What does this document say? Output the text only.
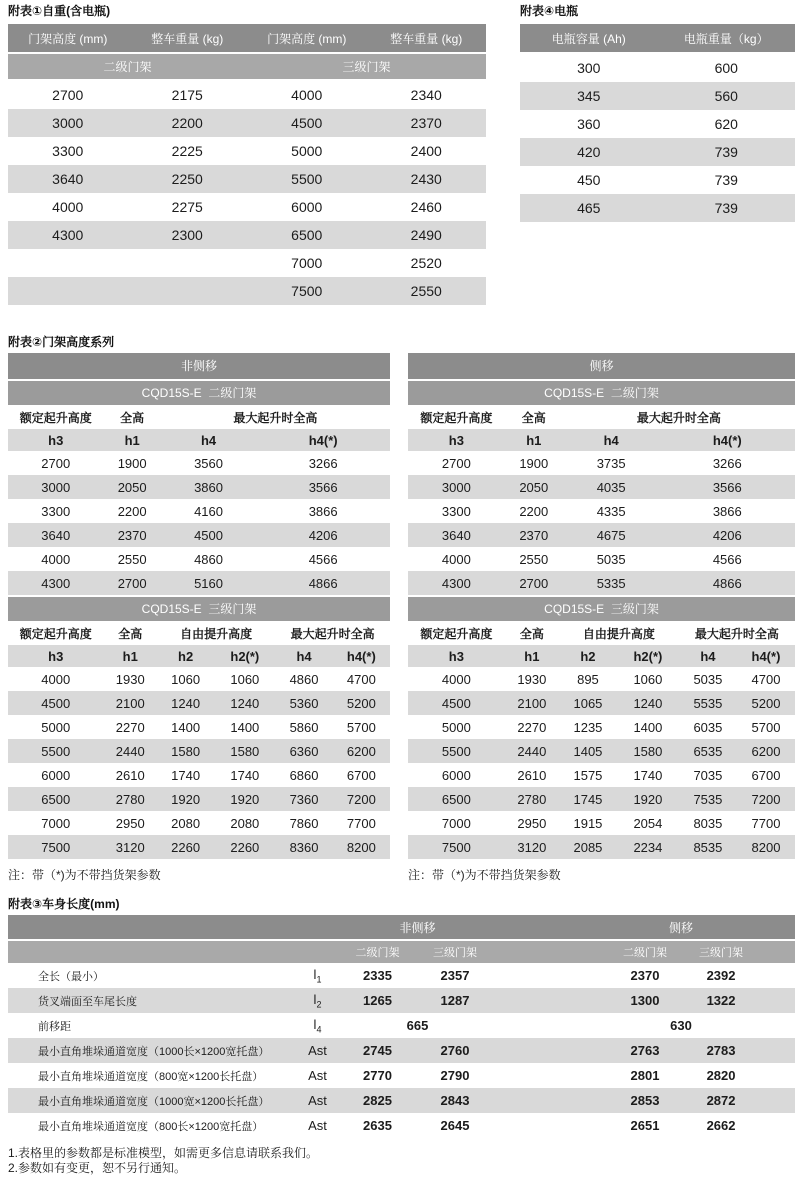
附表①自重(含电瓶)
门架高度 (mm)	整车重量 (kg)	门架高度 (mm)	整车重量 (kg)
二级门架		三级门架	
2700	2175	4000	2340
3000	2200	4500	2370
3300	2225	5000	2400
3640	2250	5500	2430
4000	2275	6000	2460
4300	2300	6500	2490
		7000	2520
		7500	2550
附表④电瓶
电瓶容量 (Ah)	电瓶重量（kg）
300	600
345	560
360	620
420	739
450	739
465	739
附表②门架高度系列
非侧移
CQD15S-E  二级门架
额定起升高度	全高	最大起升时全高	
h3	h1	h4	h4(*)
2700	1900	3560	3266
3000	2050	3860	3566
3300	2200	4160	3866
3640	2370	4500	4206
4000	2550	4860	4566
4300	2700	5160	4866
CQD15S-E  三级门架
额定起升高度	全高	自由提升高度		最大起升时全高	
h3	h1	h2	h2(*)	h4	h4(*)
4000	1930	1060	1060	4860	4700
4500	2100	1240	1240	5360	5200
5000	2270	1400	1400	5860	5700
5500	2440	1580	1580	6360	6200
6000	2610	1740	1740	6860	6700
6500	2780	1920	1920	7360	7200
7000	2950	2080	2080	7860	7700
7500	3120	2260	2260	8360	8200
注：带（*)为不带挡货架参数
侧移
CQD15S-E  二级门架
额定起升高度	全高	最大起升时全高	
h3	h1	h4	h4(*)
2700	1900	3735	3266
3000	2050	4035	3566
3300	2200	4335	3866
3640	2370	4675	4206
4000	2550	5035	4566
4300	2700	5335	4866
CQD15S-E  三级门架
额定起升高度	全高	自由提升高度		最大起升时全高	
h3	h1	h2	h2(*)	h4	h4(*)
4000	1930	895	1060	5035	4700
4500	2100	1065	1240	5535	5200
5000	2270	1235	1400	6035	5700
5500	2440	1405	1580	6535	6200
6000	2610	1575	1740	7035	6700
6500	2780	1745	1920	7535	7200
7000	2950	1915	2054	8035	7700
7500	3120	2085	2234	8535	8200
注：带（*)为不带挡货架参数
附表③车身长度(mm)
		非侧移			侧移		
		二级门架	三级门架		二级门架	三级门架	
全长（最小）	$l_1$	2335	2357		2370	2392	
货叉端面至车尾长度	$l_2$	1265	1287		1300	1322	
前移距	$l_4$	665			630		
最小直角堆垛通道宽度（1000长×1200宽托盘）	Ast	2745	2760		2763	2783	
最小直角堆垛通道宽度（800宽×1200长托盘）	Ast	2770	2790		2801	2820	
最小直角堆垛通道宽度（1000宽×1200长托盘）	Ast	2825	2843		2853	2872	
最小直角堆垛通道宽度（800长×1200宽托盘）	Ast	2635	2645		2651	2662	
1.表格里的参数都是标准模型，如需更多信息请联系我们。
2.参数如有变更，恕不另行通知。
